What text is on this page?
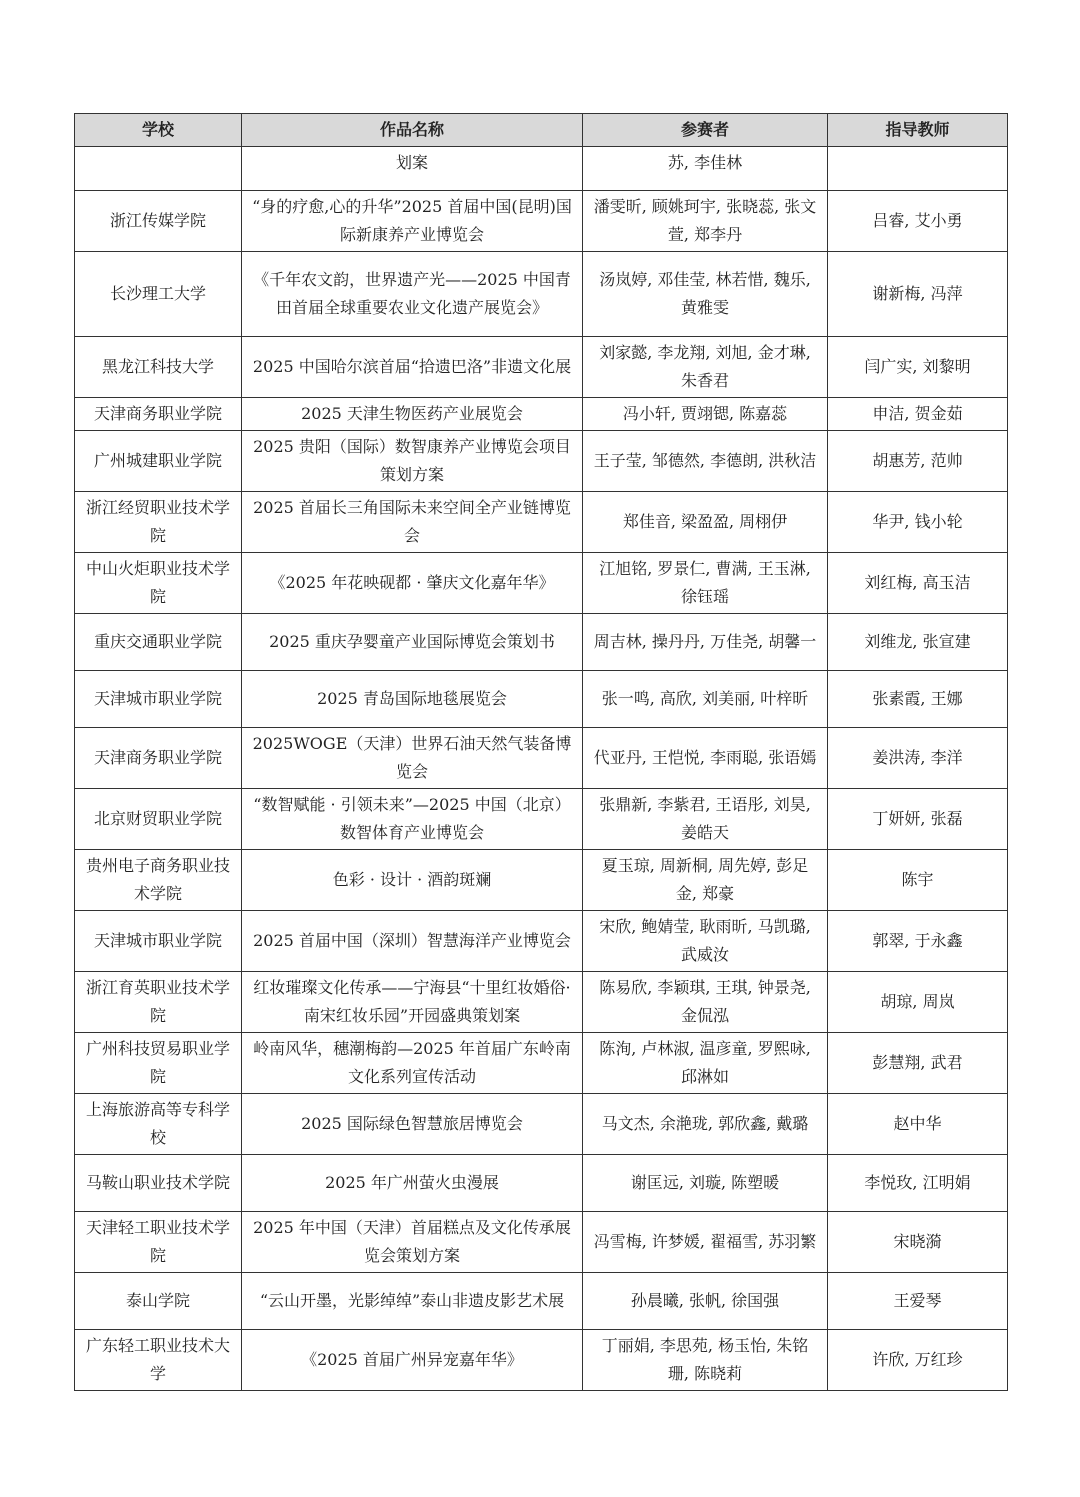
学校	作品名称	参赛者	指导教师
	划案	苏, 李佳林	
浙江传媒学院	“身的疗愈,心的升华”2025 首届中国(昆明)国际新康养产业博览会	潘雯昕, 顾姚珂宇, 张晓蕊, 张文萱, 郑李丹	吕睿, 艾小勇
长沙理工大学	《千年农文韵，世界遗产光——2025 中国青田首届全球重要农业文化遗产展览会》	汤岚婷, 邓佳莹, 林若惜, 魏乐, 黄雅雯	谢新梅, 冯萍
黑龙江科技大学	2025 中国哈尔滨首届“拾遗巴洛”非遗文化展	刘家懿, 李龙翔, 刘旭, 金才琳, 朱香君	闫广实, 刘黎明
天津商务职业学院	2025 天津生物医药产业展览会	冯小轩, 贾翊锶, 陈嘉蕊	申洁, 贺金茹
广州城建职业学院	2025 贵阳（国际）数智康养产业博览会项目策划方案	王子莹, 邹德然, 李德朗, 洪秋洁	胡惠芳, 范帅
浙江经贸职业技术学院	2025 首届长三角国际未来空间全产业链博览会	郑佳音, 梁盈盈, 周栩伊	华尹, 钱小轮
中山火炬职业技术学院	《2025 年花映砚都 · 肇庆文化嘉年华》	江旭铭, 罗景仁, 曹满, 王玉淋, 徐钰瑶	刘红梅, 高玉洁
重庆交通职业学院	2025 重庆孕婴童产业国际博览会策划书	周吉林, 操丹丹, 万佳尧, 胡馨一	刘维龙, 张宣建
天津城市职业学院	2025 青岛国际地毯展览会	张一鸣, 高欣, 刘美丽, 叶梓昕	张素霞, 王娜
天津商务职业学院	2025WOGE（天津）世界石油天然气装备博览会	代亚丹, 王恺悦, 李雨聪, 张语嫣	姜洪涛, 李洋
北京财贸职业学院	“数智赋能 · 引领未来”—2025 中国（北京）数智体育产业博览会	张鼎新, 李紫君, 王语彤, 刘昊, 姜皓天	丁妍妍, 张磊
贵州电子商务职业技术学院	色彩 · 设计 · 酒韵斑斓	夏玉琼, 周新桐, 周先婷, 彭足金, 郑豪	陈宇
天津城市职业学院	2025 首届中国（深圳）智慧海洋产业博览会	宋欣, 鲍婧莹, 耿雨昕, 马凯璐, 武威汝	郭翠, 于永鑫
浙江育英职业技术学院	红妆璀璨文化传承——宁海县“十里红妆婚俗·南宋红妆乐园”开园盛典策划案	陈易欣, 李颖琪, 王琪, 钟景尧, 金侃泓	胡琼, 周岚
广州科技贸易职业学院	岭南风华，穗潮梅韵—2025 年首届广东岭南文化系列宣传活动	陈洵, 卢林淑, 温彦童, 罗熙咏, 邱淋如	彭慧翔, 武君
上海旅游高等专科学校	2025 国际绿色智慧旅居博览会	马文杰, 余滟珑, 郭欣鑫, 戴璐	赵中华
马鞍山职业技术学院	2025 年广州萤火虫漫展	谢匡远, 刘璇, 陈塑暖	李悦玫, 江明娟
天津轻工职业技术学院	2025 年中国（天津）首届糕点及文化传承展览会策划方案	冯雪梅, 许梦媛, 翟福雪, 苏羽繁	宋晓漪
泰山学院	“云山开墨，光影绰绰”泰山非遗皮影艺术展	孙晨曦, 张帆, 徐国强	王爱琴
广东轻工职业技术大学	《2025 首届广州异宠嘉年华》	丁丽娟, 李思苑, 杨玉怡, 朱铭珊, 陈晓莉	许欣, 万红珍
